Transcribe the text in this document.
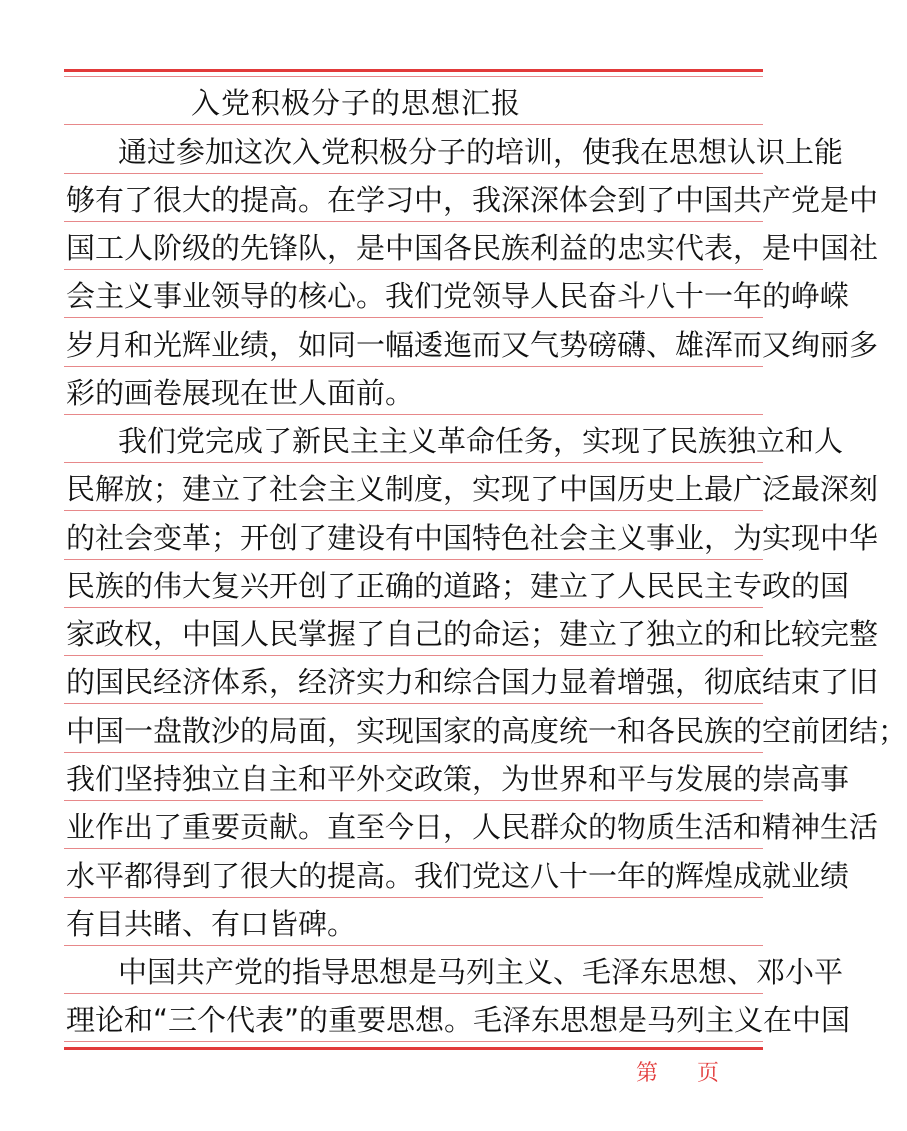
入党积极分子的思想汇报
通过参加这次入党积极分子的培训，使我在思想认识上能
够有了很大的提高。在学习中，我深深体会到了中国共产党是中
国工人阶级的先锋队，是中国各民族利益的忠实代表，是中国社
会主义事业领导的核心。我们党领导人民奋斗八十一年的峥嵘
岁月和光辉业绩，如同一幅逶迤而又气势磅礴、雄浑而又绚丽多
彩的画卷展现在世人面前。
我们党完成了新民主主义革命任务，实现了民族独立和人
民解放；建立了社会主义制度，实现了中国历史上最广泛最深刻
的社会变革；开创了建设有中国特色社会主义事业，为实现中华
民族的伟大复兴开创了正确的道路；建立了人民民主专政的国
家政权，中国人民掌握了自己的命运；建立了独立的和比较完整
的国民经济体系，经济实力和综合国力显着增强，彻底结束了旧
中国一盘散沙的局面，实现国家的高度统一和各民族的空前团结；
我们坚持独立自主和平外交政策，为世界和平与发展的崇高事
业作出了重要贡献。直至今日，人民群众的物质生活和精神生活
水平都得到了很大的提高。我们党这八十一年的辉煌成就业绩
有目共睹、有口皆碑。
中国共产党的指导思想是马列主义、毛泽东思想、邓小平
理论和“三个代表”的重要思想。毛泽东思想是马列主义在中国
第 页
